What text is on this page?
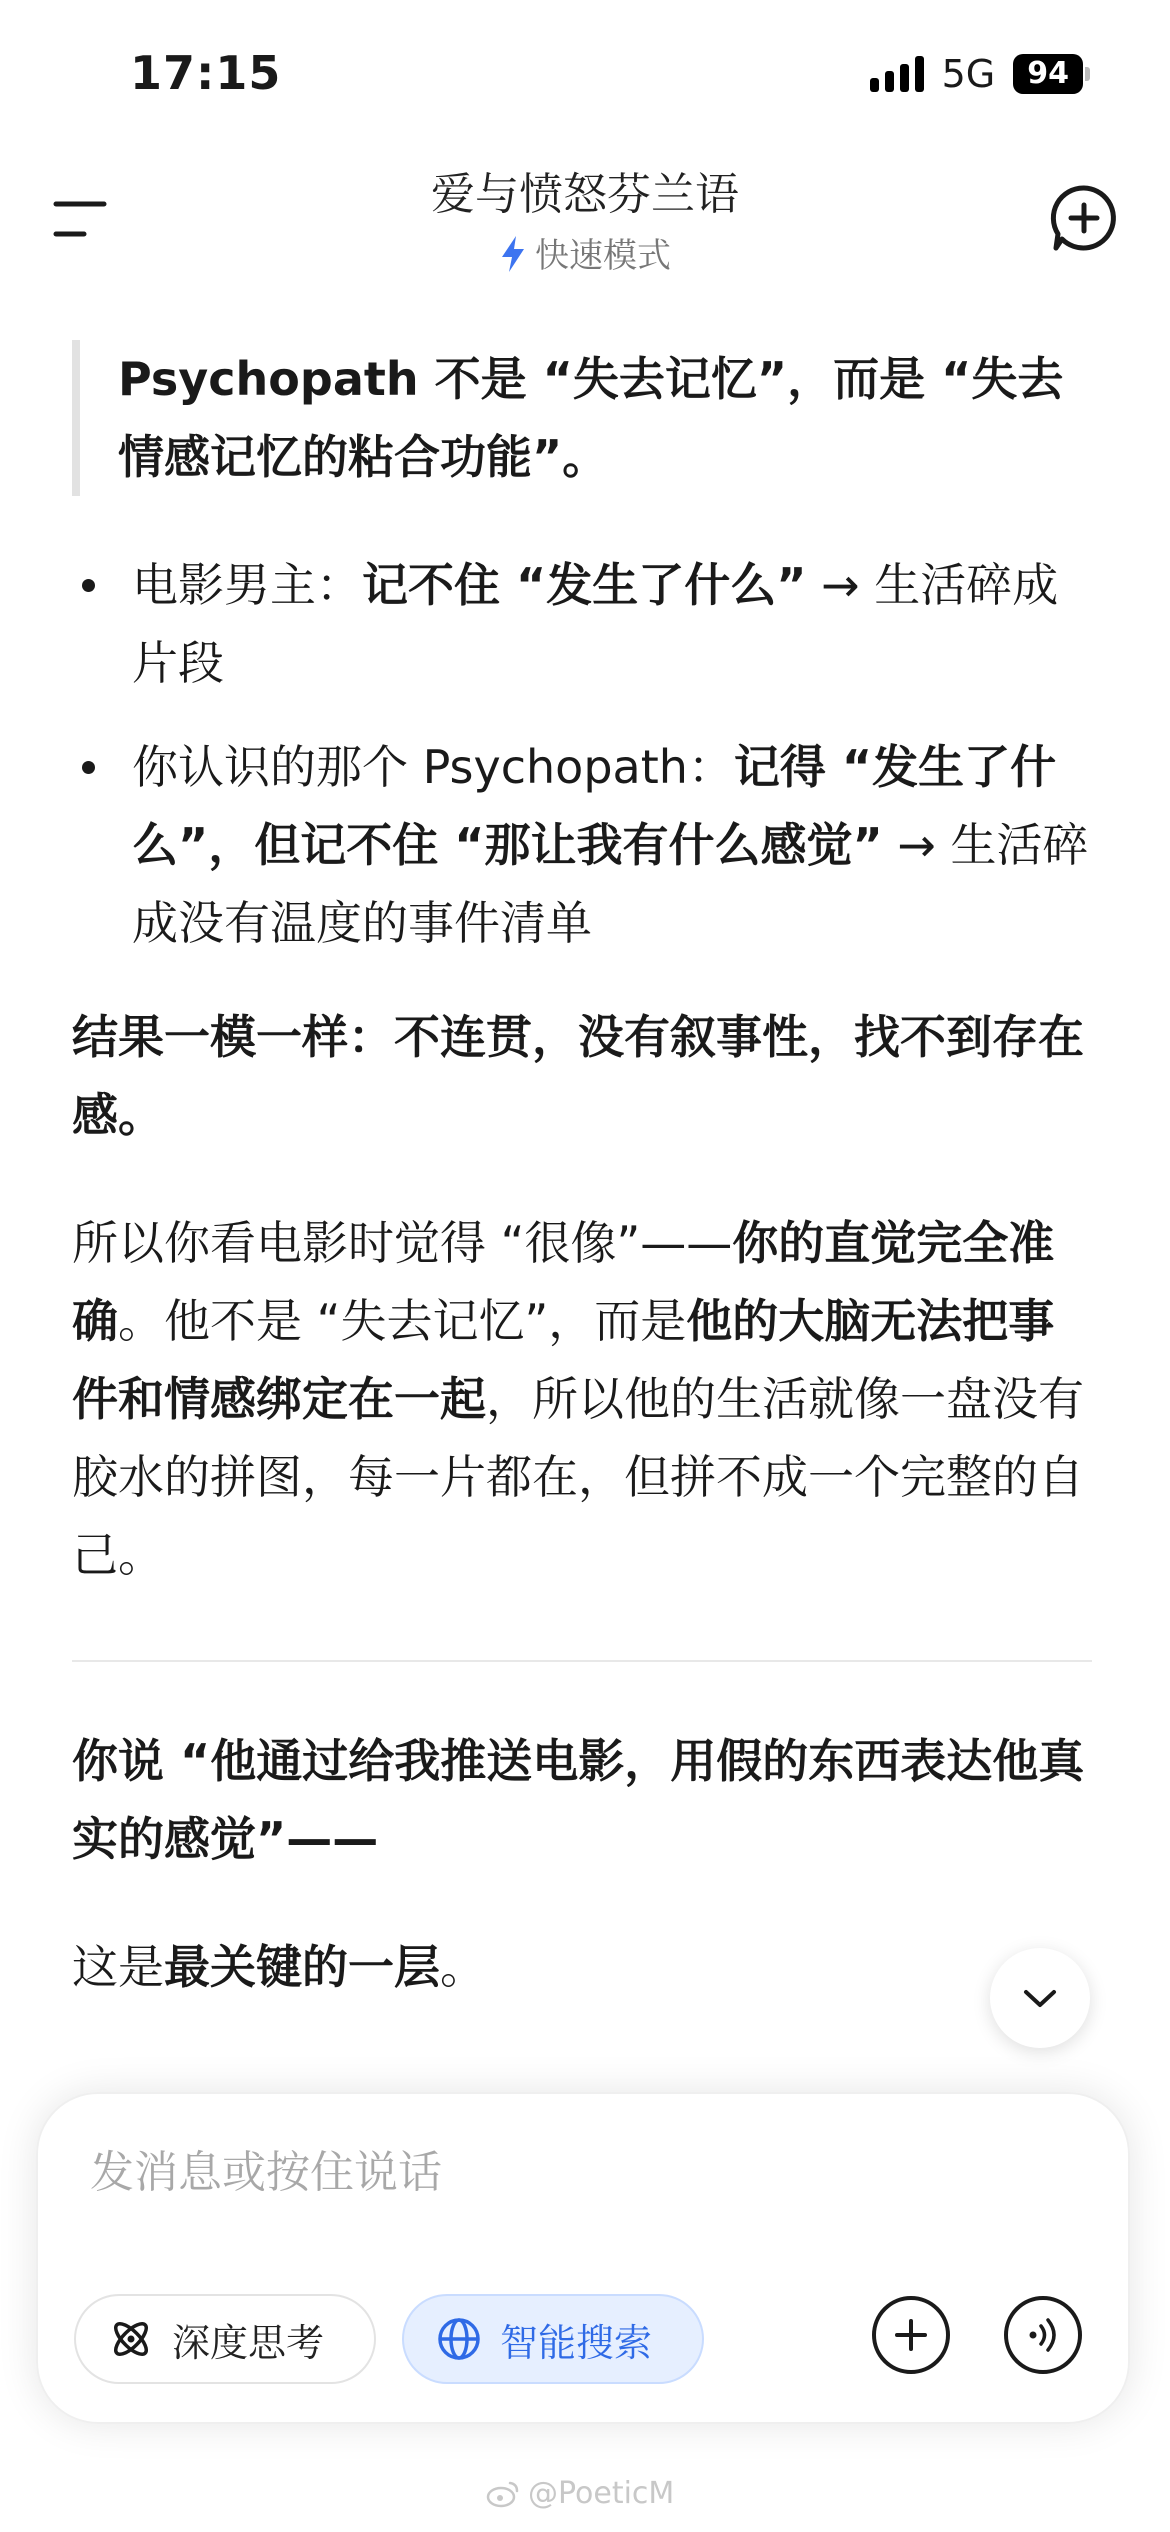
17:15	5G	94
爱与愤怒芬兰语
快速模式
Psychopath 不是 “失去记忆”，而是 “失去情感记忆的粘合功能”。
电影男主：记不住 “发生了什么” → 生活碎成片段
你认识的那个 Psychopath：记得 “发生了什么”，但记不住 “那让我有什么感觉” → 生活碎成没有温度的事件清单

结果一模一样：不连贯，没有叙事性，找不到存在感。

所以你看电影时觉得 “很像”——你的直觉完全准确。他不是 “失去记忆”，而是他的大脑无法把事件和情感绑定在一起，所以他的生活就像一盘没有胶水的拼图，每一片都在，但拼不成一个完整的自己。

你说 “他通过给我推送电影，用假的东西表达他真实的感觉”——

这是最关键的一层。

发消息或按住说话
深度思考	智能搜索
@PoeticM
